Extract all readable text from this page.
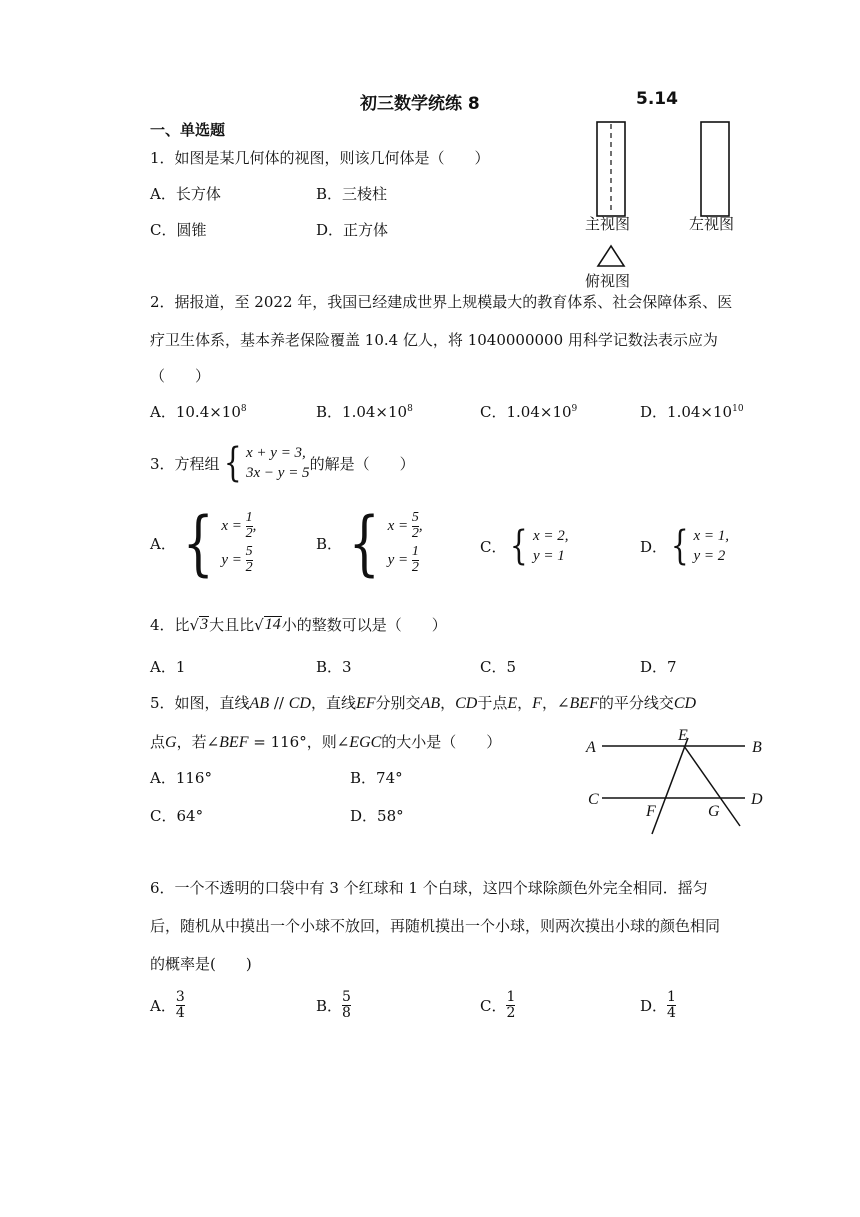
初三数学统练 8	5.14
一、单选题
1．如图是某几何体的视图，则该几何体是（　　）
A．长方体	B．三棱柱
C．圆锥	D．正方体	主视图	左视图
俯视图
2．据报道，至 2022 年，我国已经建成世界上规模最大的教育体系、社会保障体系、医
疗卫生体系，基本养老保险覆盖 10.4 亿人，将 1040000000 用科学记数法表示应为
（　　）
A．$10.4\times 10^8$	B．$1.04\times 10^8$	C．$1.04\times 10^9$	D．$1.04\times 10^{10}$
3．方程组 { x + y = 3,
3x − y = 5
的解是（　　）
A． { $x = \frac{1}{2}$ ,
$y = \frac{5}{2}$
B． { $x = \frac{5}{2}$ ,
$y = \frac{1}{2}$	C． { x = 2,
y = 1
D． { x = 1,
y = 2
4．比 √ 3 大且比 √ 14 小的整数可以是（　　）
A．1	B．3	C．5	D．7
5．如图，直线AB // CD，直线EF分别交AB，CD于点E，F，∠BEF的平分线交CD
点G，若∠BEF = 116°，则∠EGC的大小是（　　）
A．116°	B．74°
C．64°	D．58°
A	B
C	D
E
F	G
6．一个不透明的口袋中有 3 个红球和 1 个白球，这四个球除颜色外完全相同．摇匀
后，随机从中摸出一个小球不放回，再随机摸出一个小球，则两次摸出小球的颜色相同
的概率是(　　)
A． $\frac{3}{4}$	B． $\frac{5}{8}$	C． $\frac{1}{2}$	D． $\frac{1}{4}$
